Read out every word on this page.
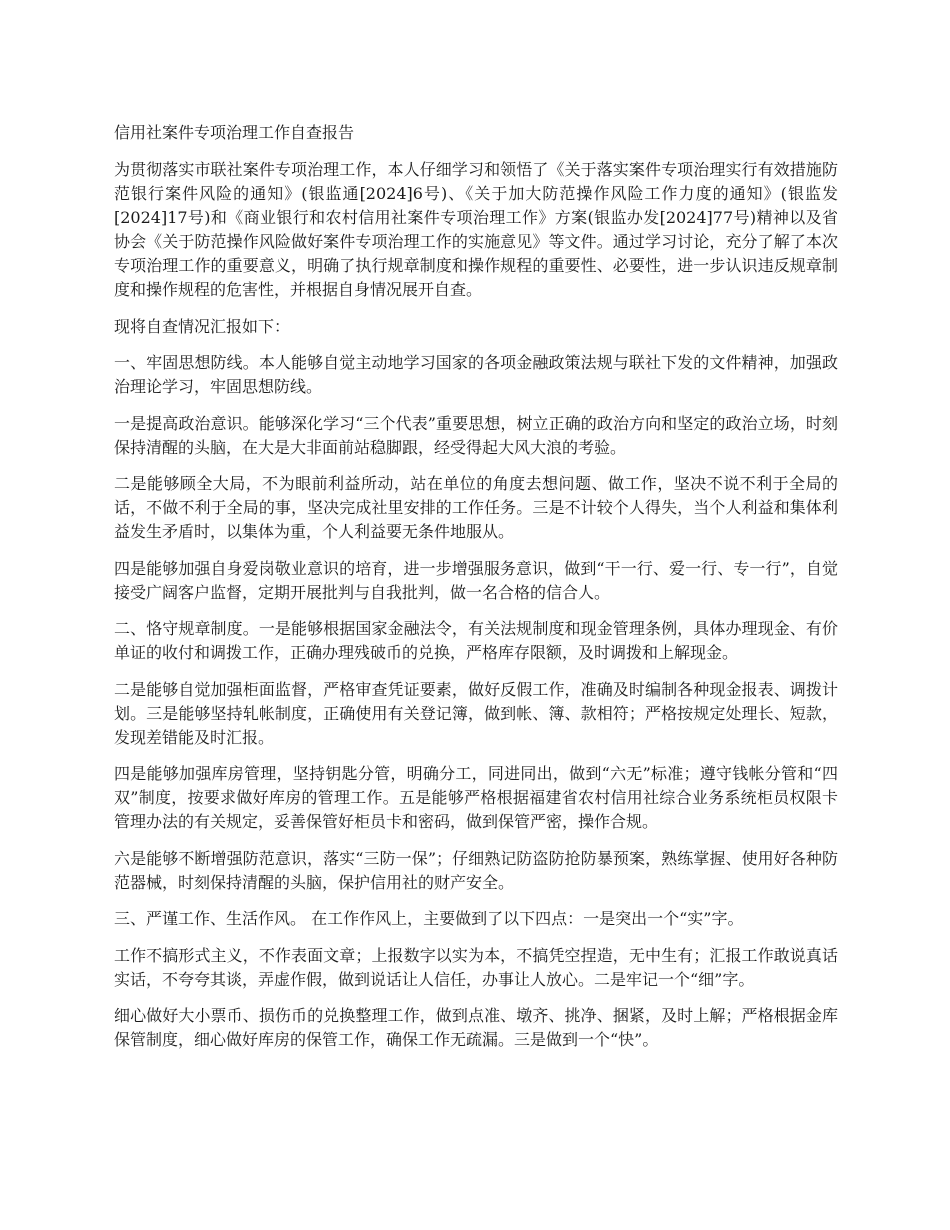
信用社案件专项治理工作自查报告

为贯彻落实市联社案件专项治理工作，本人仔细学习和领悟了《关于落实案件专项治理实行有效措施防范银行案件风险的通知》(银监通[2024]6号)、《关于加大防范操作风险工作力度的通知》(银监发[2024]17号)和《商业银行和农村信用社案件专项治理工作》方案(银监办发[2024]77号)精神以及省协会《关于防范操作风险做好案件专项治理工作的实施意见》等文件。通过学习讨论，充分了解了本次专项治理工作的重要意义，明确了执行规章制度和操作规程的重要性、必要性，进一步认识违反规章制度和操作规程的危害性，并根据自身情况展开自查。

现将自查情况汇报如下：

一、牢固思想防线。本人能够自觉主动地学习国家的各项金融政策法规与联社下发的文件精神，加强政治理论学习，牢固思想防线。

一是提高政治意识。能够深化学习“三个代表”重要思想，树立正确的政治方向和坚定的政治立场，时刻保持清醒的头脑，在大是大非面前站稳脚跟，经受得起大风大浪的考验。

二是能够顾全大局，不为眼前利益所动，站在单位的角度去想问题、做工作，坚决不说不利于全局的话，不做不利于全局的事，坚决完成社里安排的工作任务。三是不计较个人得失，当个人利益和集体利益发生矛盾时，以集体为重，个人利益要无条件地服从。

四是能够加强自身爱岗敬业意识的培育，进一步增强服务意识，做到“干一行、爱一行、专一行”，自觉接受广阔客户监督，定期开展批判与自我批判，做一名合格的信合人。

二、恪守规章制度。一是能够根据国家金融法令，有关法规制度和现金管理条例，具体办理现金、有价单证的收付和调拨工作，正确办理残破币的兑换，严格库存限额，及时调拨和上解现金。

二是能够自觉加强柜面监督，严格审查凭证要素，做好反假工作，准确及时编制各种现金报表、调拨计划。三是能够坚持轧帐制度，正确使用有关登记簿，做到帐、簿、款相符；严格按规定处理长、短款，发现差错能及时汇报。

四是能够加强库房管理，坚持钥匙分管，明确分工，同进同出，做到“六无”标准；遵守钱帐分管和“四双”制度，按要求做好库房的管理工作。五是能够严格根据福建省农村信用社综合业务系统柜员权限卡管理办法的有关规定，妥善保管好柜员卡和密码，做到保管严密，操作合规。

六是能够不断增强防范意识，落实“三防一保”；仔细熟记防盗防抢防暴预案，熟练掌握、使用好各种防范器械，时刻保持清醒的头脑，保护信用社的财产安全。

三、严谨工作、生活作风。 在工作作风上，主要做到了以下四点：一是突出一个“实”字。

工作不搞形式主义，不作表面文章；上报数字以实为本，不搞凭空捏造，无中生有；汇报工作敢说真话实话，不夸夸其谈，弄虚作假，做到说话让人信任，办事让人放心。二是牢记一个“细”字。

细心做好大小票币、损伤币的兑换整理工作，做到点准、墩齐、挑净、捆紧，及时上解；严格根据金库保管制度，细心做好库房的保管工作，确保工作无疏漏。三是做到一个“快”。
